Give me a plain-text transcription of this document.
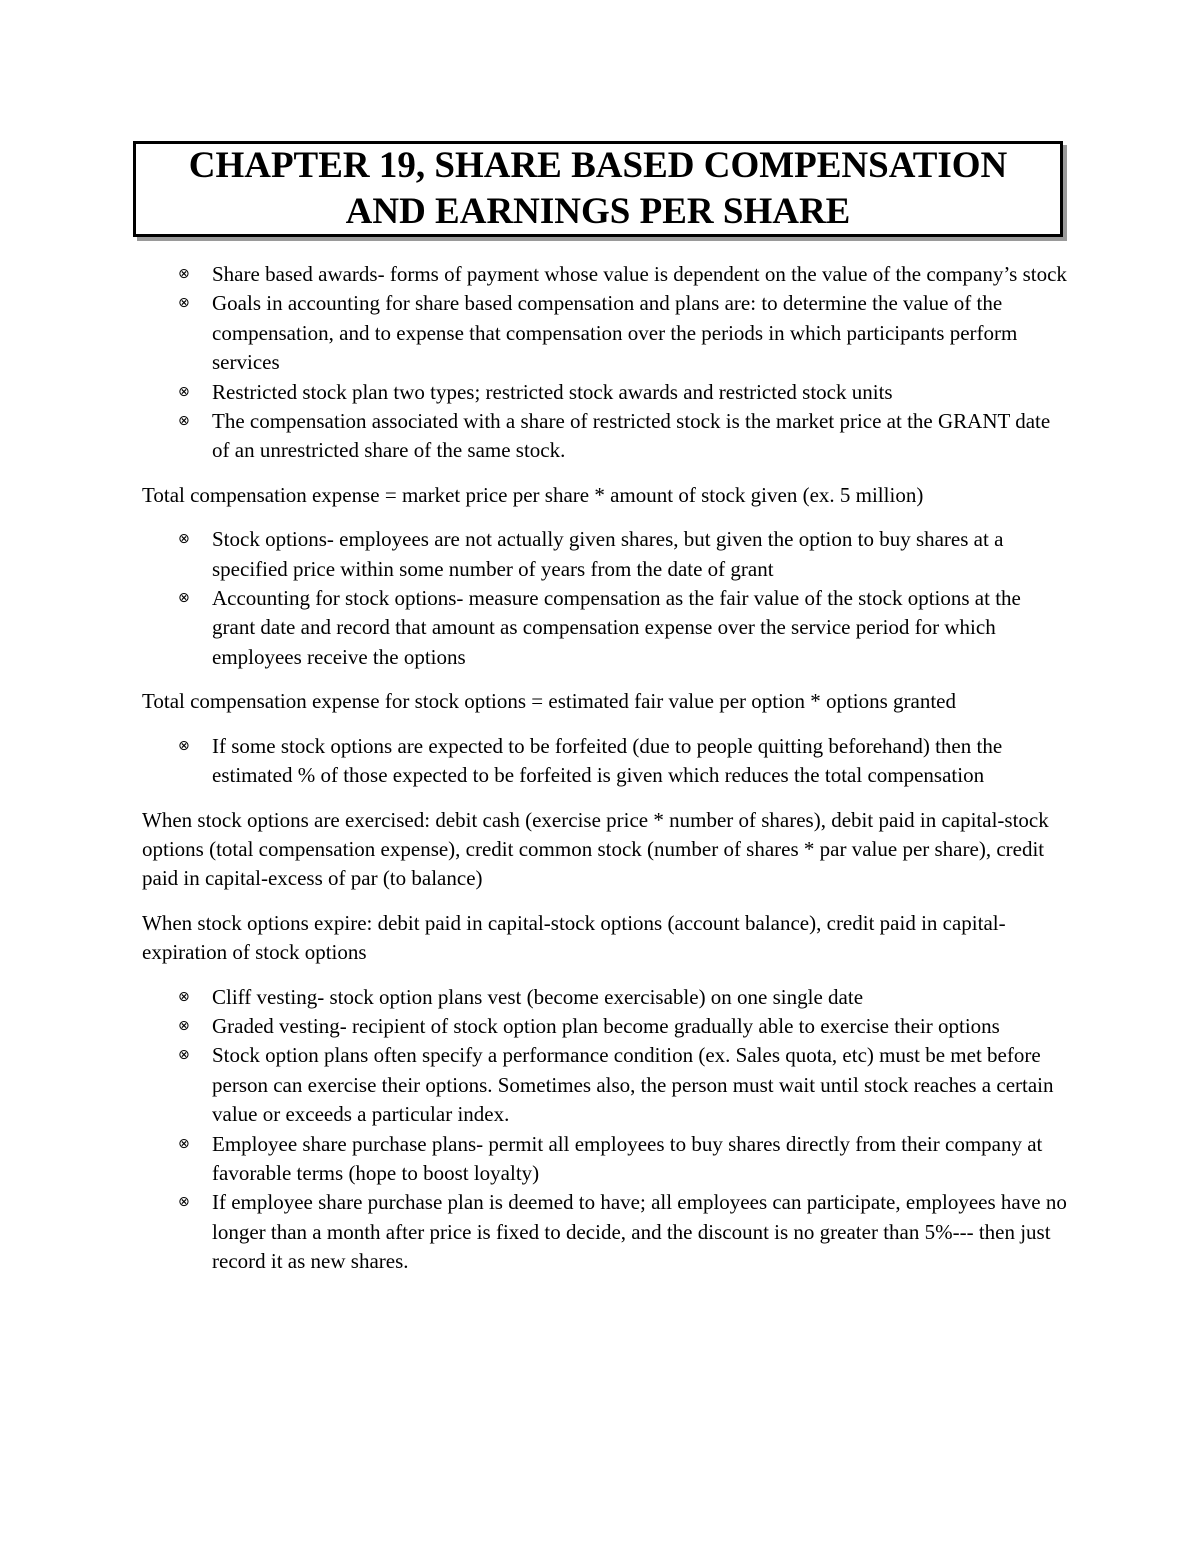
CHAPTER 19, SHARE BASED COMPENSATION
AND EARNINGS PER SHARE
⊗ Share based awards- forms of payment whose value is dependent on the value of the company’s stock
⊗ Goals in accounting for share based compensation and plans are: to determine the value of the compensation, and to expense that compensation over the periods in which participants perform services
⊗ Restricted stock plan two types; restricted stock awards and restricted stock units
⊗ The compensation associated with a share of restricted stock is the market price at the GRANT date of an unrestricted share of the same stock.

Total compensation expense = market price per share * amount of stock given (ex. 5 million)

⊗ Stock options- employees are not actually given shares, but given the option to buy shares at a specified price within some number of years from the date of grant
⊗ Accounting for stock options- measure compensation as the fair value of the stock options at the grant date and record that amount as compensation expense over the service period for which employees receive the options

Total compensation expense for stock options = estimated fair value per option * options granted

⊗ If some stock options are expected to be forfeited (due to people quitting beforehand) then the estimated % of those expected to be forfeited is given which reduces the total compensation

When stock options are exercised: debit cash (exercise price * number of shares), debit paid in capital-stock options (total compensation expense), credit common stock (number of shares * par value per share), credit paid in capital-excess of par (to balance)

When stock options expire: debit paid in capital-stock options (account balance), credit paid in capital-expiration of stock options

⊗ Cliff vesting- stock option plans vest (become exercisable) on one single date
⊗ Graded vesting- recipient of stock option plan become gradually able to exercise their options
⊗ Stock option plans often specify a performance condition (ex. Sales quota, etc) must be met before person can exercise their options. Sometimes also, the person must wait until stock reaches a certain value or exceeds a particular index.
⊗ Employee share purchase plans- permit all employees to buy shares directly from their company at favorable terms (hope to boost loyalty)
⊗ If employee share purchase plan is deemed to have; all employees can participate, employees have no longer than a month after price is fixed to decide, and the discount is no greater than 5%--- then just record it as new shares.
